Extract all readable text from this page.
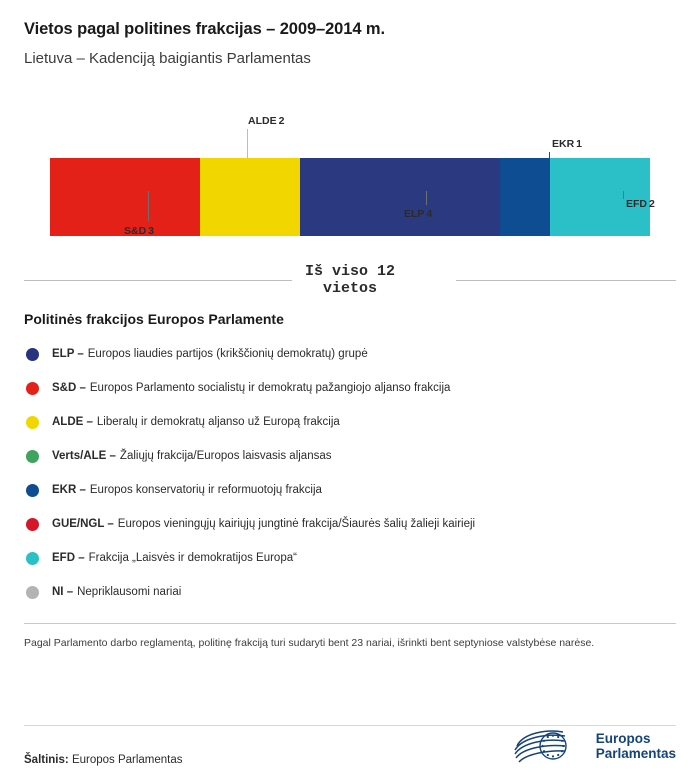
Vietos pagal politines frakcijas – 2009–2014 m.
Lietuva – Kadenciją baigiantis Parlamentas
ALDE 2
EKR 1
S&D 3
ELP 4
EFD 2
Iš viso 12
vietos
Politinės frakcijos Europos Parlamente
ELP – Europos liaudies partijos (krikščionių demokratų) grupė
S&D – Europos Parlamento socialistų ir demokratų pažangiojo aljanso frakcija
ALDE – Liberalų ir demokratų aljanso už Europą frakcija
Verts/ALE – Žaliųjų frakcija/Europos laisvasis aljansas
EKR – Europos konservatorių ir reformuotojų frakcija
GUE/NGL – Europos vieningųjų kairiųjų jungtinė frakcija/Šiaurės šalių žalieji kairieji
EFD – Frakcija „Laisvės ir demokratijos Europa“
NI – Nepriklausomi nariai

Pagal Parlamento darbo reglamentą, politinę frakciją turi sudaryti bent 23 nariai, išrinkti bent septyniose valstybėse narėse.

Šaltinis: Europos Parlamentas
Europos
Parlamentas
